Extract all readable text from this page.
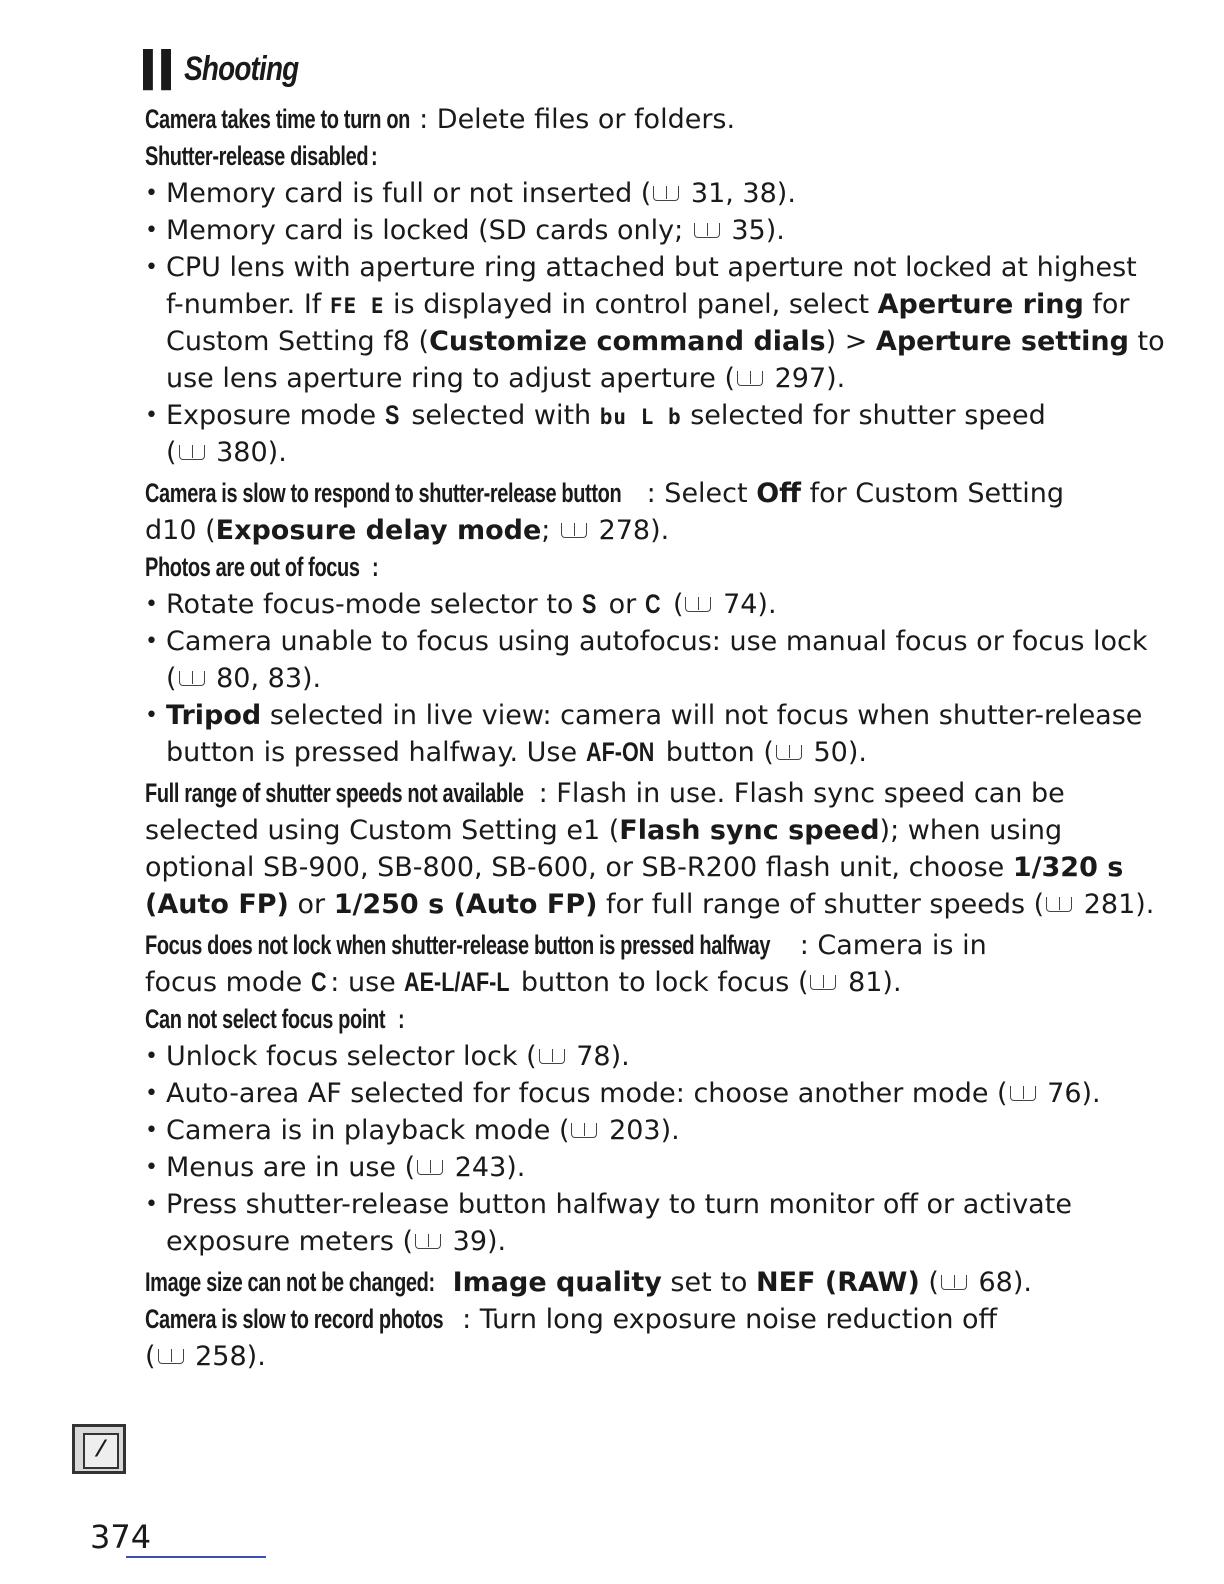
▌▌ Shooting
Camera takes time to turn on : Delete files or folders.
Shutter-release disabled:
• Memory card is full or not inserted ( 31, 38).
• Memory card is locked (SD cards only;  35).
• CPU lens with aperture ring attached but aperture not locked at highest
f-number. If FE E is displayed in control panel, select Aperture ring for
Custom Setting f8 (Customize command dials) > Aperture setting to
use lens aperture ring to adjust aperture ( 297).
• Exposure mode S selected with bu L b selected for shutter speed
( 380).
Camera is slow to respond to shutter-release button : Select Off for Custom Setting
d10 (Exposure delay mode;  278).
Photos are out of focus :
• Rotate focus-mode selector to S or C ( 74).
• Camera unable to focus using autofocus: use manual focus or focus lock
( 80, 83).
• Tripod selected in live view: camera will not focus when shutter-release
button is pressed halfway. Use AF-ON button ( 50).
Full range of shutter speeds not available : Flash in use. Flash sync speed can be
selected using Custom Setting e1 (Flash sync speed); when using
optional SB-900, SB-800, SB-600, or SB-R200 flash unit, choose 1/320 s
(Auto FP) or 1/250 s (Auto FP) for full range of shutter speeds ( 281).
Focus does not lock when shutter-release button is pressed halfway : Camera is in
focus mode C : use AE-L/AF-L button to lock focus ( 81).
Can not select focus point :
• Unlock focus selector lock ( 78).
• Auto-area AF selected for focus mode: choose another mode ( 76).
• Camera is in playback mode ( 203).
• Menus are in use ( 243).
• Press shutter-release button halfway to turn monitor off or activate
exposure meters ( 39).
Image size can not be changed: Image quality set to NEF (RAW) ( 68).
Camera is slow to record photos : Turn long exposure noise reduction off
( 258).
⁄
374
